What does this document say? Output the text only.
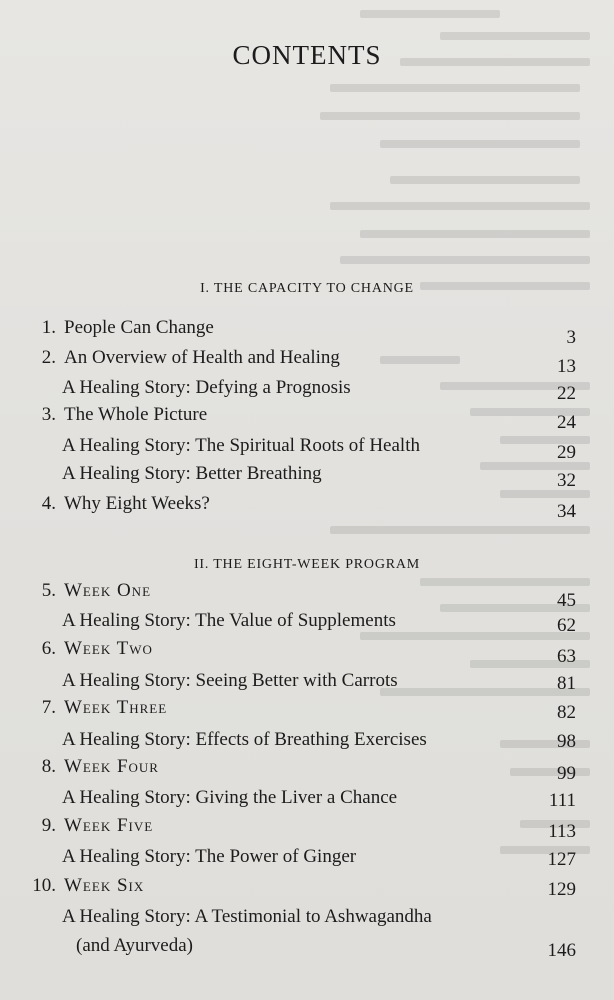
CONTENTS
I. THE CAPACITY TO CHANGE
1. People Can Change	3
2. An Overview of Health and Healing	13
A Healing Story: Defying a Prognosis	22
3. The Whole Picture	24
A Healing Story: The Spiritual Roots of Health	29
A Healing Story: Better Breathing	32
4. Why Eight Weeks?	34
II. THE EIGHT-WEEK PROGRAM
5. Week One	45
A Healing Story: The Value of Supplements	62
6. Week Two	63
A Healing Story: Seeing Better with Carrots	81
7. Week Three	82
A Healing Story: Effects of Breathing Exercises	98
8. Week Four	99
A Healing Story: Giving the Liver a Chance	111
9. Week Five	113
A Healing Story: The Power of Ginger	127
10. Week Six	129
A Healing Story: A Testimonial to Ashwagandha
(and Ayurveda)	146
